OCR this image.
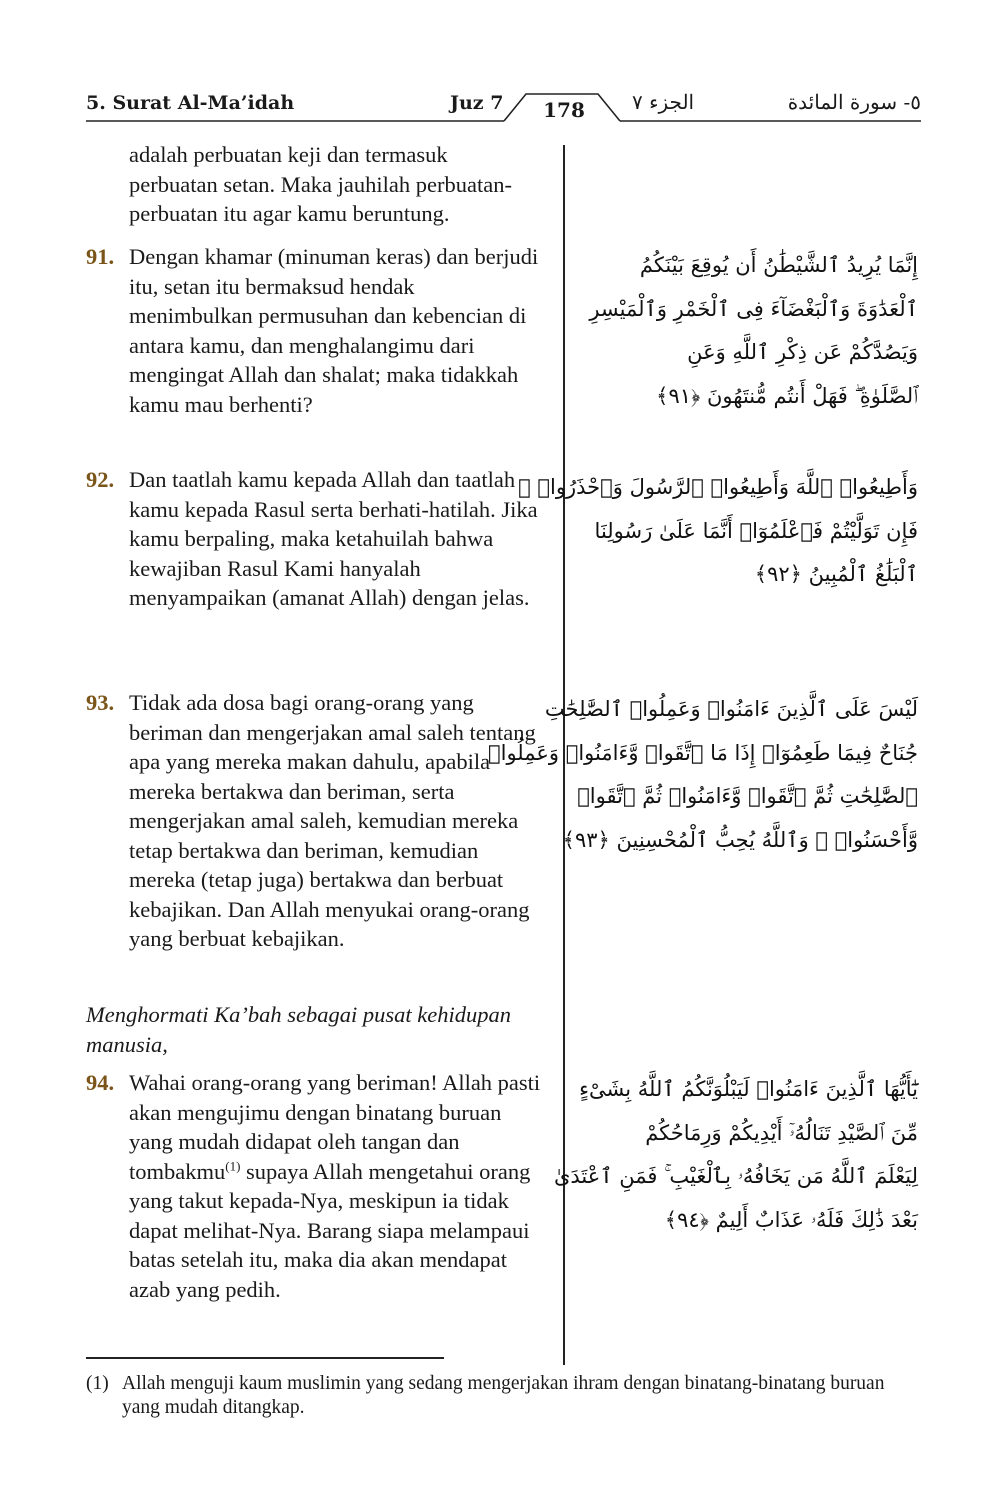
5. Surat Al-Ma’idah	Juz 7 178 الجزء ٧	٥- سورة المائدة
adalah perbuatan keji dan termasuk perbuatan setan. Maka jauhilah perbuatan-perbuatan itu agar kamu beruntung.
91. Dengan khamar (minuman keras) dan berjudi itu, setan itu bermaksud hendak menimbulkan permusuhan dan kebencian di antara kamu, dan menghalangimu dari mengingat Allah dan shalat; maka tidakkah kamu mau berhenti?
92. Dan taatlah kamu kepada Allah dan taatlah kamu kepada Rasul serta berhati-hatilah. Jika kamu berpaling, maka ketahuilah bahwa kewajiban Rasul Kami hanyalah menyampaikan (amanat Allah) dengan jelas.
93. Tidak ada dosa bagi orang-orang yang beriman dan mengerjakan amal saleh tentang apa yang mereka makan dahulu, apabila mereka bertakwa dan beriman, serta mengerjakan amal saleh, kemudian mereka tetap bertakwa dan beriman, kemudian mereka (tetap juga) bertakwa dan berbuat kebajikan. Dan Allah menyukai orang-orang yang berbuat kebajikan.
Menghormati Ka’bah sebagai pusat kehidupan manusia,
94. Wahai orang-orang yang beriman! Allah pasti akan mengujimu dengan binatang buruan yang mudah didapat oleh tangan dan tombakmu$^{(1)}$ supaya Allah mengetahui orang yang takut kepada-Nya, meskipun ia tidak dapat melihat-Nya. Barang siapa melampaui batas setelah itu, maka dia akan mendapat azab yang pedih.
إِنَّمَا يُرِيدُ ٱلشَّيْطَٰنُ أَن يُوقِعَ بَيْنَكُمُ
ٱلْعَدَٰوَةَ وَٱلْبَغْضَآءَ فِى ٱلْخَمْرِ وَٱلْمَيْسِرِ
وَيَصُدَّكُمْ عَن ذِكْرِ ٱللَّهِ وَعَنِ
ٱلصَّلَوٰةِ ۖ فَهَلْ أَنتُم مُّنتَهُونَ ﴿٩١﴾
وَأَطِيعُوا۟ ٱللَّهَ وَأَطِيعُوا۟ ٱلرَّسُولَ وَٱحْذَرُوا۟ ۚ
فَإِن تَوَلَّيْتُمْ فَٱعْلَمُوٓا۟ أَنَّمَا عَلَىٰ رَسُولِنَا
ٱلْبَلَٰغُ ٱلْمُبِينُ ﴿٩٢﴾
لَيْسَ عَلَى ٱلَّذِينَ ءَامَنُوا۟ وَعَمِلُوا۟ ٱلصَّٰلِحَٰتِ
جُنَاحٌ فِيمَا طَعِمُوٓا۟ إِذَا مَا ٱتَّقَوا۟ وَّءَامَنُوا۟ وَعَمِلُوا۟
ٱلصَّٰلِحَٰتِ ثُمَّ ٱتَّقَوا۟ وَّءَامَنُوا۟ ثُمَّ ٱتَّقَوا۟
وَّأَحْسَنُوا۟ ۗ وَٱللَّهُ يُحِبُّ ٱلْمُحْسِنِينَ ﴿٩٣﴾
يَٰٓأَيُّهَا ٱلَّذِينَ ءَامَنُوا۟ لَيَبْلُوَنَّكُمُ ٱللَّهُ بِشَىْءٍ
مِّنَ ٱلصَّيْدِ تَنَالُهُۥٓ أَيْدِيكُمْ وَرِمَاحُكُمْ
لِيَعْلَمَ ٱللَّهُ مَن يَخَافُهُۥ بِٱلْغَيْبِ ۚ فَمَنِ ٱعْتَدَىٰ
بَعْدَ ذَٰلِكَ فَلَهُۥ عَذَابٌ أَلِيمٌ ﴿٩٤﴾
(1) Allah menguji kaum muslimin yang sedang mengerjakan ihram dengan binatang-binatang buruan yang mudah ditangkap.
